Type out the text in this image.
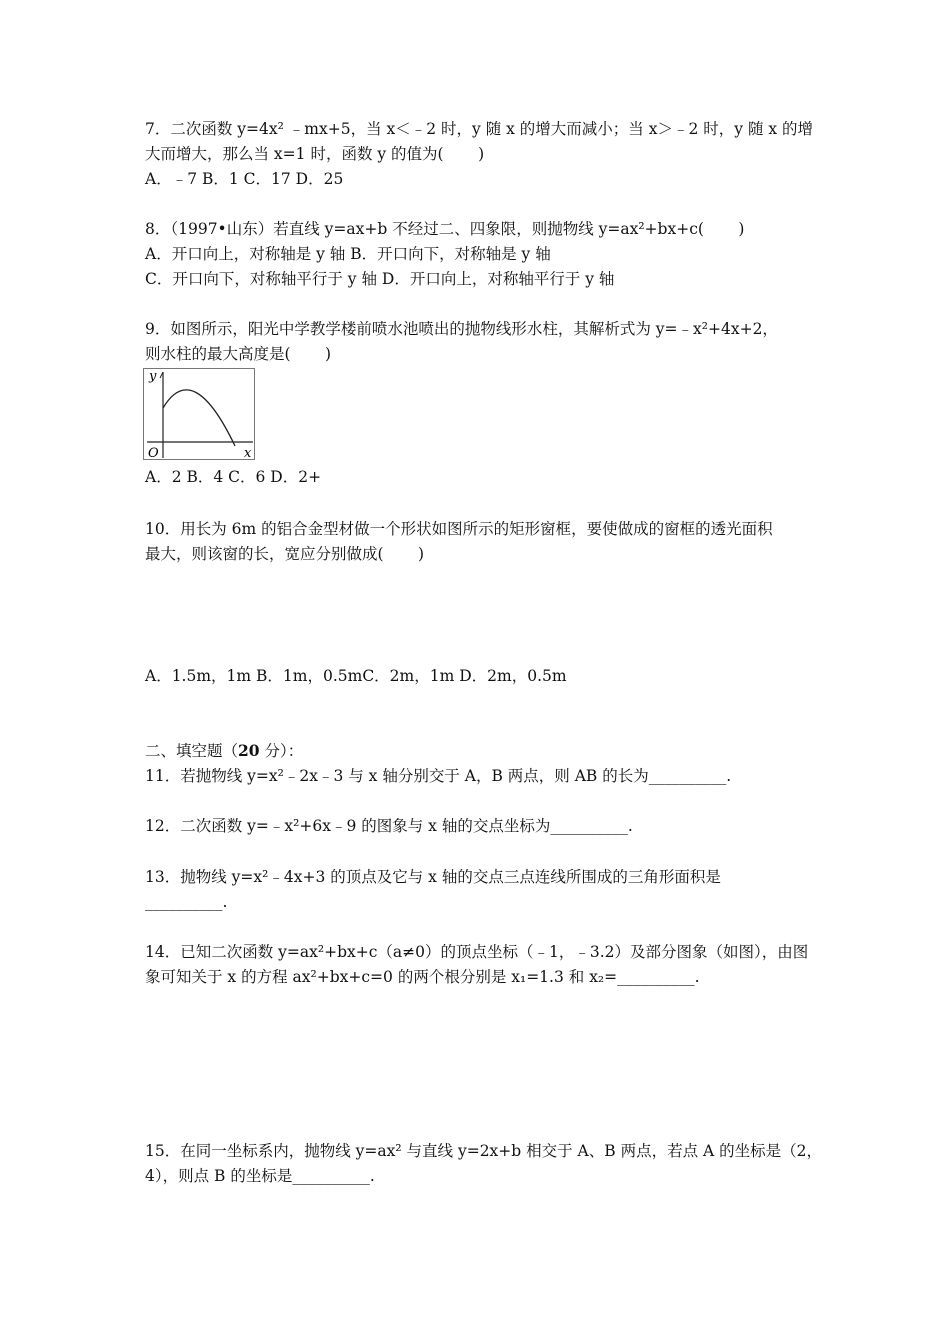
7．二次函数 y=4x² ﹣mx+5，当 x＜﹣2 时，y 随 x 的增大而减小；当 x＞﹣2 时，y 随 x 的增
大而增大，那么当 x=1 时，函数 y 的值为(       )
A．﹣7 B．1 C．17 D．25
8．（1997•山东）若直线 y=ax+b 不经过二、四象限，则抛物线 y=ax²+bx+c(       )
A．开口向上，对称轴是 y 轴 B．开口向下，对称轴是 y 轴
C．开口向下，对称轴平行于 y 轴 D．开口向上，对称轴平行于 y 轴
9．如图所示，阳光中学教学楼前喷水池喷出的抛物线形水柱，其解析式为 y=﹣x²+4x+2，
则水柱的最大高度是(       )
y
x
O
A．2 B．4 C．6 D．2+
10．用长为 6m 的铝合金型材做一个形状如图所示的矩形窗框，要使做成的窗框的透光面积
最大，则该窗的长，宽应分别做成(       )
A．1.5m，1m B．1m，0.5mC．2m，1m D．2m，0.5m
二、填空题（20 分）：
11．若抛物线 y=x²﹣2x﹣3 与 x 轴分别交于 A，B 两点，则 AB 的长为__________.
12．二次函数 y=﹣x²+6x﹣9 的图象与 x 轴的交点坐标为__________.
13．抛物线 y=x²﹣4x+3 的顶点及它与 x 轴的交点三点连线所围成的三角形面积是
__________.
14．已知二次函数 y=ax²+bx+c（a≠0）的顶点坐标（﹣1，﹣3.2）及部分图象（如图），由图
象可知关于 x 的方程 ax²+bx+c=0 的两个根分别是 x₁=1.3 和 x₂=__________.
15．在同一坐标系内，抛物线 y=ax² 与直线 y=2x+b 相交于 A、B 两点，若点 A 的坐标是（2，
4），则点 B 的坐标是__________.
